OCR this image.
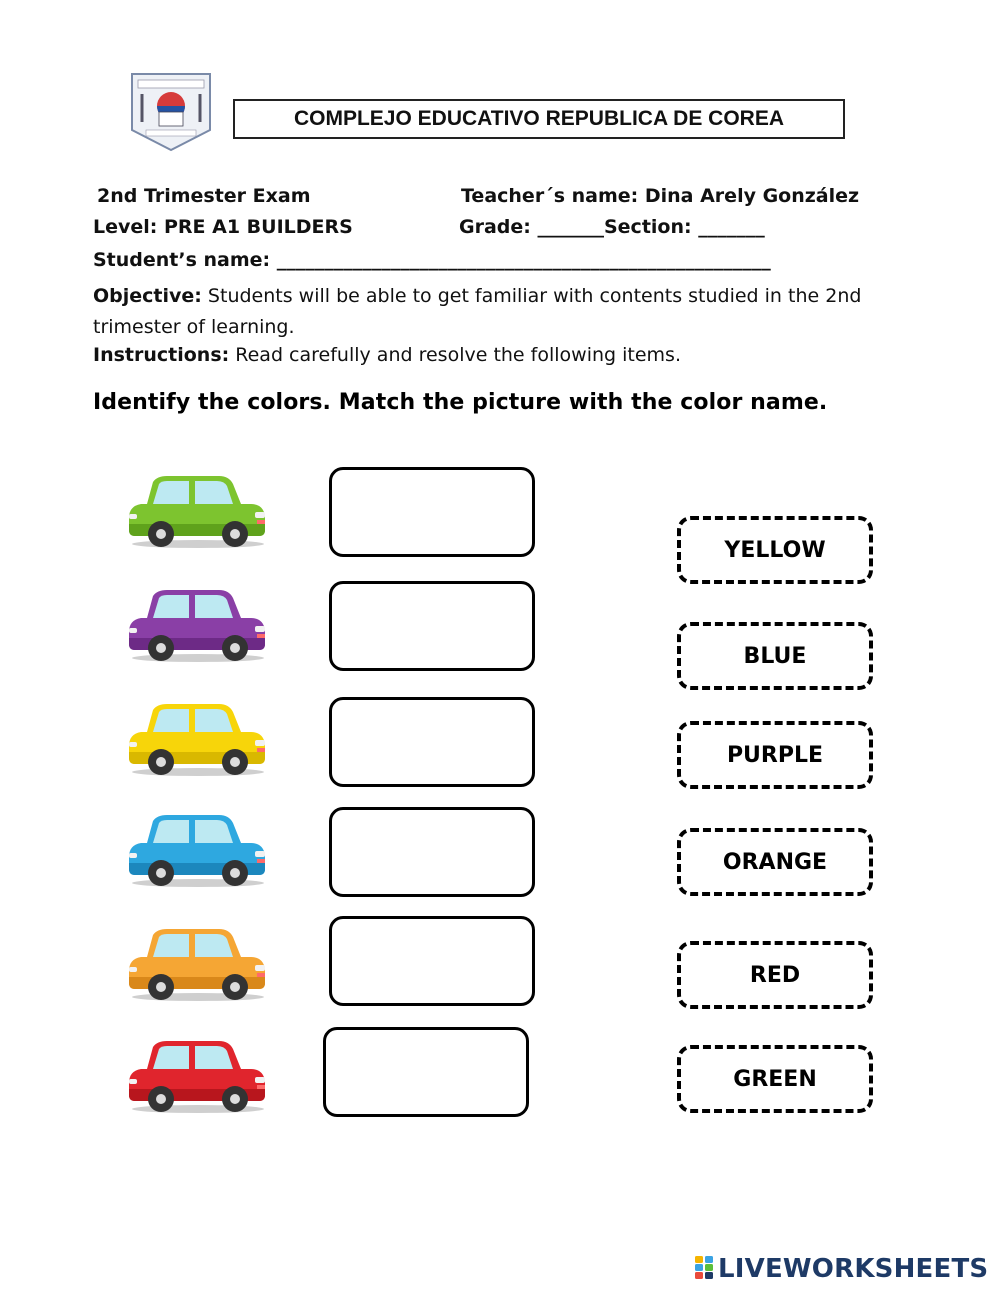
COMPLEJO EDUCATIVO REPUBLICA DE COREA
2nd Trimester Exam	Teacher´s name: Dina Arely González
Level: PRE A1 BUILDERS	Grade: _______Section: _______
Student’s name: ____________________________________________________
Objective: Students will be able to get familiar with contents studied in the 2nd trimester of learning.
Instructions: Read carefully and resolve the following items.
Identify the colors. Match the picture with the color name.
YELLOW
BLUE
PURPLE
ORANGE
RED
GREEN
LIVEWORKSHEETS
